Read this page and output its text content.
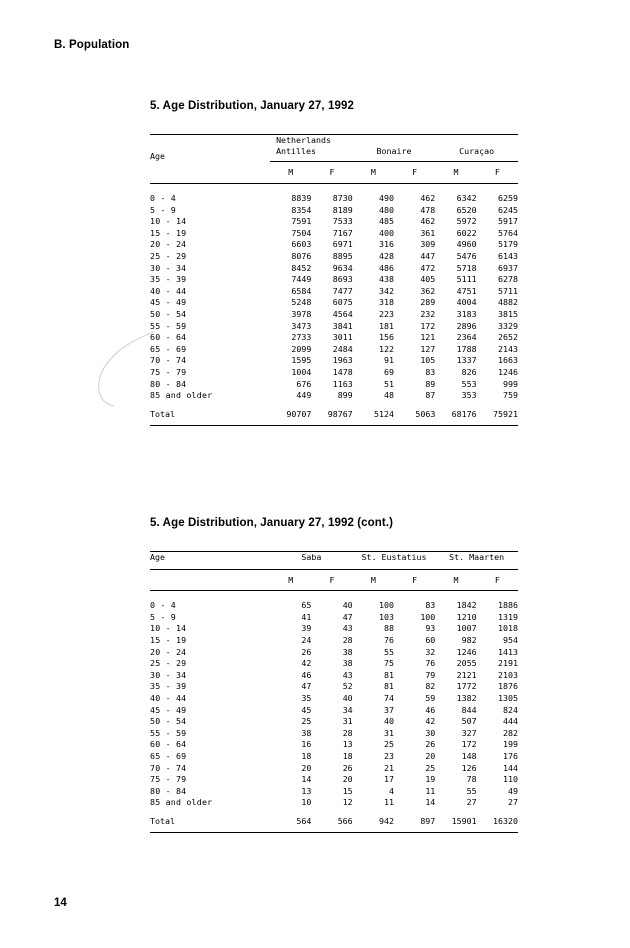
B. Population
5. Age Distribution, January 27, 1992
Age	Netherlands
Antilles		Bonaire		Curaçao	

	M	F	M	F	M	F

0 - 4	8839	8730	490	462	6342	6259
5 - 9	8354	8189	480	478	6520	6245
10 - 14	7591	7533	485	462	5972	5917
15 - 19	7504	7167	400	361	6022	5764
20 - 24	6603	6971	316	309	4960	5179
25 - 29	8076	8895	428	447	5476	6143
30 - 34	8452	9634	486	472	5718	6937
35 - 39	7449	8693	438	405	5111	6278
40 - 44	6584	7477	342	362	4751	5711
45 - 49	5248	6075	318	289	4004	4882
50 - 54	3978	4564	223	232	3183	3815
55 - 59	3473	3841	181	172	2896	3329
60 - 64	2733	3011	156	121	2364	2652
65 - 69	2099	2484	122	127	1788	2143
70 - 74	1595	1963	91	105	1337	1663
75 - 79	1004	1478	69	83	826	1246
80 - 84	676	1163	51	89	553	999
85 and older	449	899	48	87	353	759

Total	90707	98767	5124	5063	68176	75921

5. Age Distribution, January 27, 1992 (cont.)
Age	Saba		St. Eustatius		St. Maarten	

	M	F	M	F	M	F

0 - 4	65	40	100	83	1842	1886
5 - 9	41	47	103	100	1210	1319
10 - 14	39	43	88	93	1007	1018
15 - 19	24	28	76	60	982	954
20 - 24	26	38	55	32	1246	1413
25 - 29	42	38	75	76	2055	2191
30 - 34	46	43	81	79	2121	2103
35 - 39	47	52	81	82	1772	1876
40 - 44	35	40	74	59	1382	1305
45 - 49	45	34	37	46	844	824
50 - 54	25	31	40	42	507	444
55 - 59	38	28	31	30	327	282
60 - 64	16	13	25	26	172	199
65 - 69	18	18	23	20	148	176
70 - 74	20	26	21	25	126	144
75 - 79	14	20	17	19	78	110
80 - 84	13	15	4	11	55	49
85 and older	10	12	11	14	27	27

Total	564	566	942	897	15901	16320

14
